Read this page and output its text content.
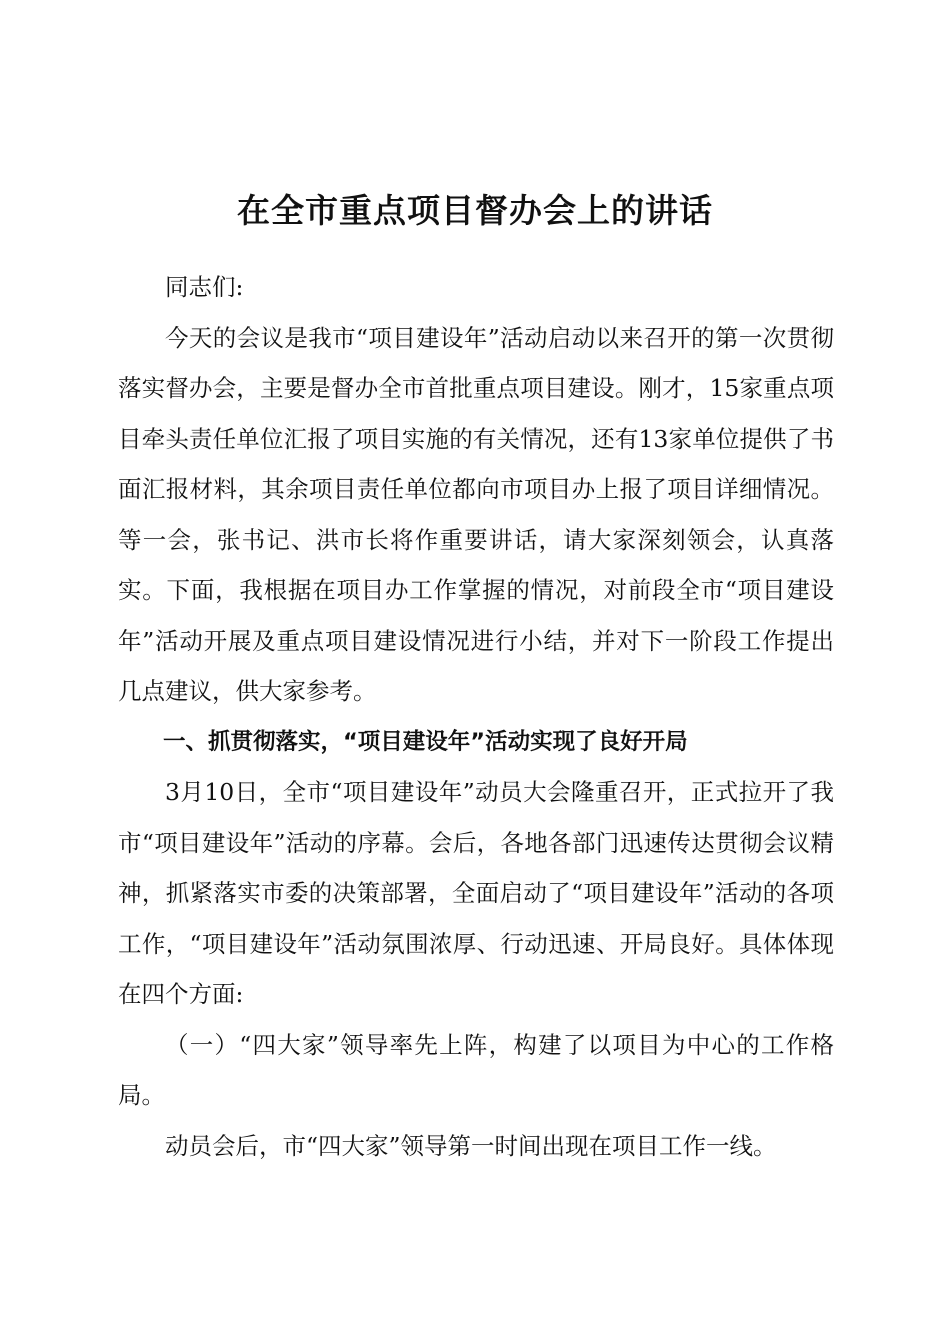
在全市重点项目督办会上的讲话

同志们:

今天的会议是我市“项目建设年”活动启动以来召开的第一次贯彻落实督办会，主要是督办全市首批重点项目建设。刚才，15家重点项目牵头责任单位汇报了项目实施的有关情况，还有13家单位提供了书面汇报材料，其余项目责任单位都向市项目办上报了项目详细情况。等一会，张书记、洪市长将作重要讲话，请大家深刻领会，认真落实。下面，我根据在项目办工作掌握的情况，对前段全市“项目建设年”活动开展及重点项目建设情况进行小结，并对下一阶段工作提出几点建议，供大家参考。

一、抓贯彻落实，“项目建设年”活动实现了良好开局

3月10日，全市“项目建设年”动员大会隆重召开，正式拉开了我市“项目建设年”活动的序幕。会后，各地各部门迅速传达贯彻会议精神，抓紧落实市委的决策部署，全面启动了“项目建设年”活动的各项工作，“项目建设年”活动氛围浓厚、行动迅速、开局良好。具体体现在四个方面:

（一）“四大家”领导率先上阵，构建了以项目为中心的工作格局。

动员会后，市“四大家”领导第一时间出现在项目工作一线。
